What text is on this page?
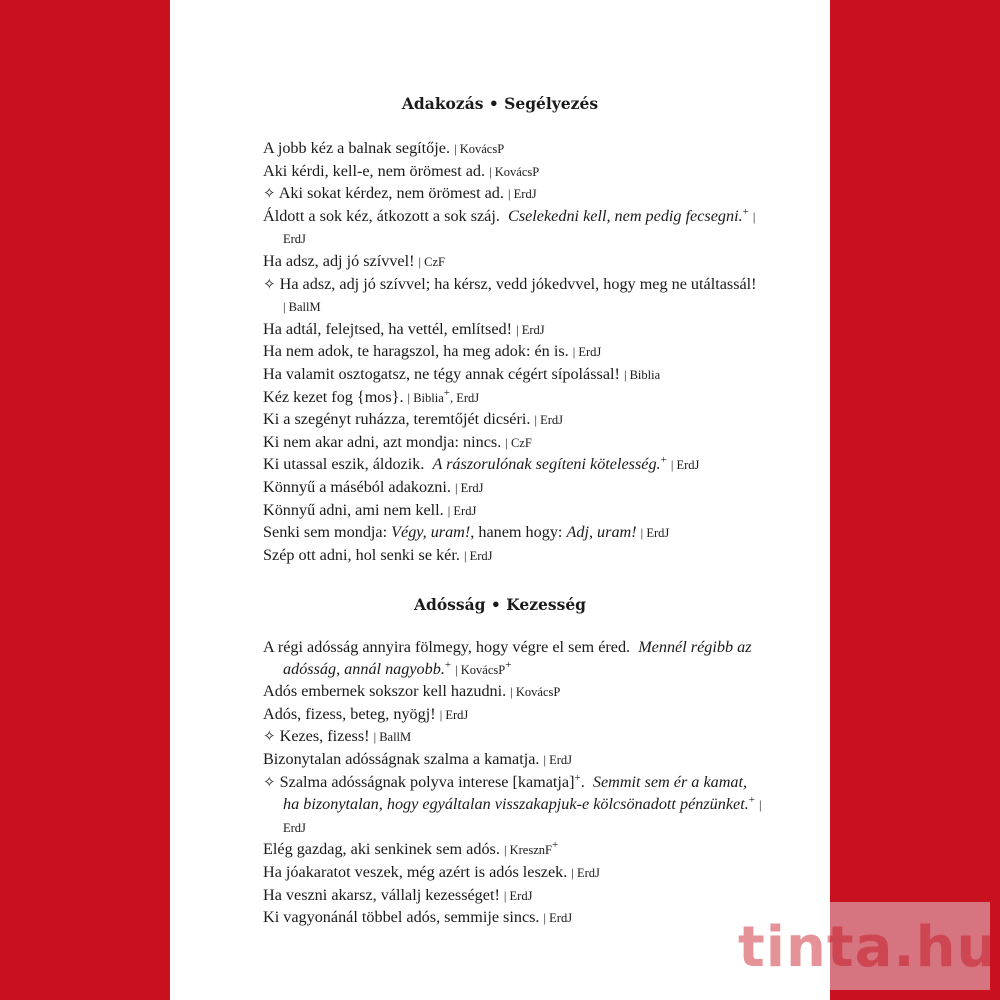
Adakozás • Segélyezés

A jobb kéz a balnak segítője. | KovácsP

Aki kérdi, kell-e, nem örömest ad. | KovácsP

✧ Aki sokat kérdez, nem örömest ad. | ErdJ

Áldott a sok kéz, átkozott a sok száj. Cselekedni kell, nem pedig fecsegni.+ | ErdJ

Ha adsz, adj jó szívvel! | CzF

✧ Ha adsz, adj jó szívvel; ha kérsz, vedd jókedvvel, hogy meg ne utáltassál! | BallM

Ha adtál, felejtsed, ha vettél, említsed! | ErdJ

Ha nem adok, te haragszol, ha meg adok: én is. | ErdJ

Ha valamit osztogatsz, ne tégy annak cégért sípolással! | Biblia

Kéz kezet fog {mos}. | Biblia+, ErdJ

Ki a szegényt ruházza, teremtőjét dicséri. | ErdJ

Ki nem akar adni, azt mondja: nincs. | CzF

Ki utassal eszik, áldozik. A rászorulónak segíteni kötelesség.+ | ErdJ

Könnyű a máséból adakozni. | ErdJ

Könnyű adni, ami nem kell. | ErdJ

Senki sem mondja: Végy, uram!, hanem hogy: Adj, uram! | ErdJ

Szép ott adni, hol senki se kér. | ErdJ

Adósság • Kezesség

A régi adósság annyira fölmegy, hogy végre el sem éred. Mennél régibb az adósság, annál nagyobb.+ | KovácsP+

Adós embernek sokszor kell hazudni. | KovácsP

Adós, fizess, beteg, nyögj! | ErdJ

✧ Kezes, fizess! | BallM

Bizonytalan adósságnak szalma a kamatja. | ErdJ

✧ Szalma adósságnak polyva interese [kamatja]+. Semmit sem ér a kamat, ha bizonytalan, hogy egyáltalan visszakapjuk-e kölcsönadott pénzünket.+ | ErdJ

Elég gazdag, aki senkinek sem adós. | KresznF+

Ha jóakaratot veszek, még azért is adós leszek. | ErdJ

Ha veszni akarsz, vállalj kezességet! | ErdJ

Ki vagyonánál többel adós, semmije sincs. | ErdJ	tinta.hu
